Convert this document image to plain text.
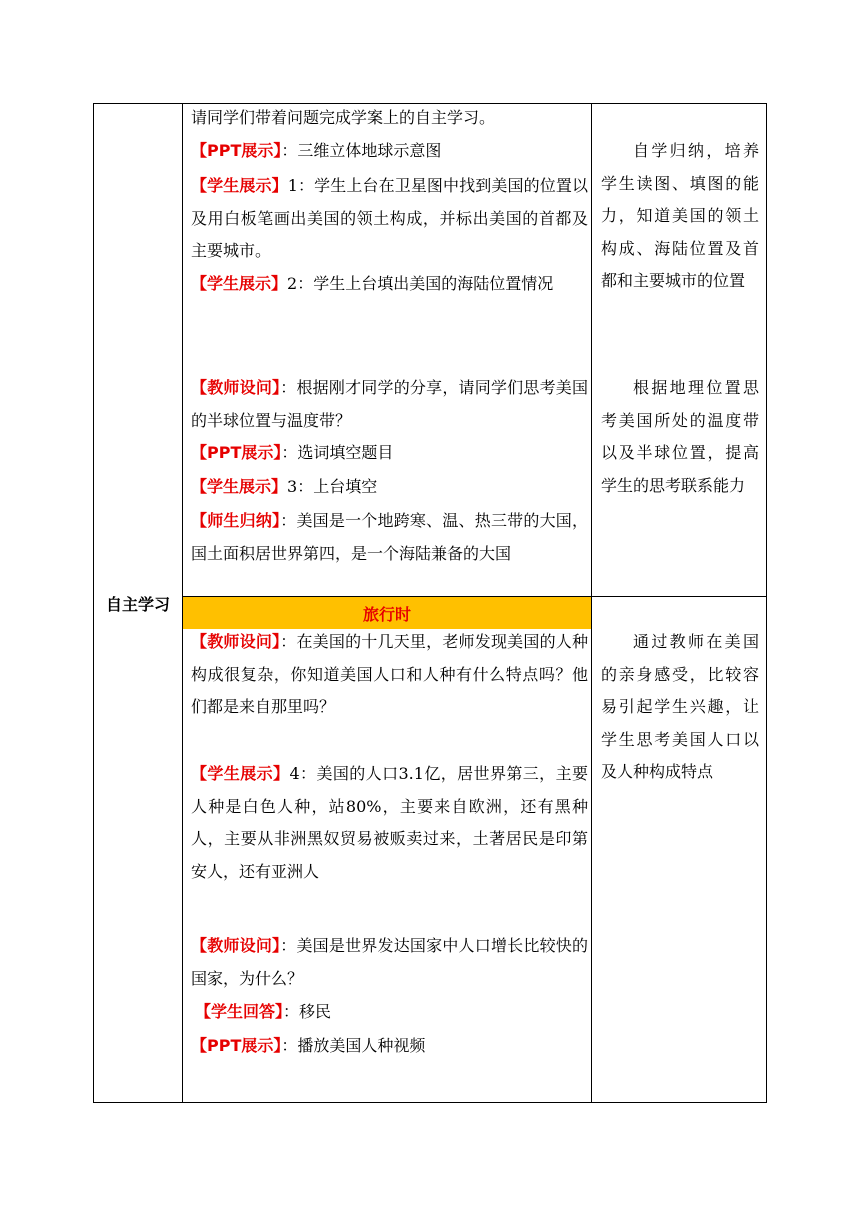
自主学习
旅行时

请同学们带着问题完成学案上的自主学习。

【PPT展示】：三维立体地球示意图

【学生展示】1：学生上台在卫星图中找到美国的位置以及用白板笔画出美国的领土构成，并标出美国的首都及主要城市。

【学生展示】2：学生上台填出美国的海陆位置情况

【教师设问】：根据刚才同学的分享，请同学们思考美国的半球位置与温度带？

【PPT展示】：选词填空题目

【学生展示】3：上台填空

【师生归纳】：美国是一个地跨寒、温、热三带的大国，国土面积居世界第四，是一个海陆兼备的大国

【教师设问】：在美国的十几天里，老师发现美国的人种构成很复杂，你知道美国人口和人种有什么特点吗？他们都是来自那里吗？

【学生展示】4：美国的人口3.1亿，居世界第三，主要人种是白色人种，站80%，主要来自欧洲，还有黑种人，主要从非洲黑奴贸易被贩卖过来，土著居民是印第安人，还有亚洲人

【教师设问】：美国是世界发达国家中人口增长比较快的国家，为什么？

【学生回答】：移民

【PPT展示】：播放美国人种视频

自学归纳，培养学生读图、填图的能力，知道美国的领土构成、海陆位置及首都和主要城市的位置

根据地理位置思考美国所处的温度带以及半球位置，提高学生的思考联系能力

通过教师在美国的亲身感受，比较容易引起学生兴趣，让学生思考美国人口以及人种构成特点
